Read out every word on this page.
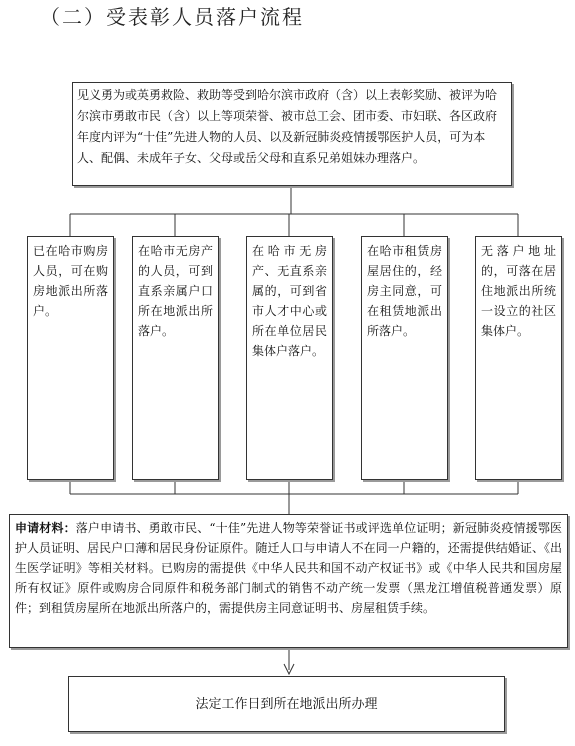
（二）受表彰人员落户流程
见义勇为或英勇救险、救助等受到哈尔滨市政府（含）以上表彰奖励、被评为哈尔滨市勇敢市民（含）以上等项荣誉、被市总工会、团市委、市妇联、各区政府年度内评为“十佳”先进人物的人员、以及新冠肺炎疫情援鄂医护人员，可为本人、配偶、未成年子女、父母或岳父母和直系兄弟姐妹办理落户。
已在哈市购房人员，可在购房地派出所落户。
在哈市无房产的人员，可到直系亲属户口所在地派出所落户。
在哈市无房产、无直系亲属的，可到省市人才中心或所在单位居民集体户落户。
在哈市租赁房屋居住的，经房主同意，可在租赁地派出所落户。
无落户地址的，可落在居住地派出所统一设立的社区集体户。
申请材料：落户申请书、勇敢市民、“十佳”先进人物等荣誉证书或评选单位证明；新冠肺炎疫情援鄂医护人员证明、居民户口薄和居民身份证原件。随迁人口与申请人不在同一户籍的，还需提供结婚证、《出生医学证明》等相关材料。已购房的需提供《中华人民共和国不动产权证书》或《中华人民共和国房屋所有权证》原件或购房合同原件和税务部门制式的销售不动产统一发票（黑龙江增值税普通发票）原件；到租赁房屋所在地派出所落户的，需提供房主同意证明书、房屋租赁手续。
法定工作日到所在地派出所办理
